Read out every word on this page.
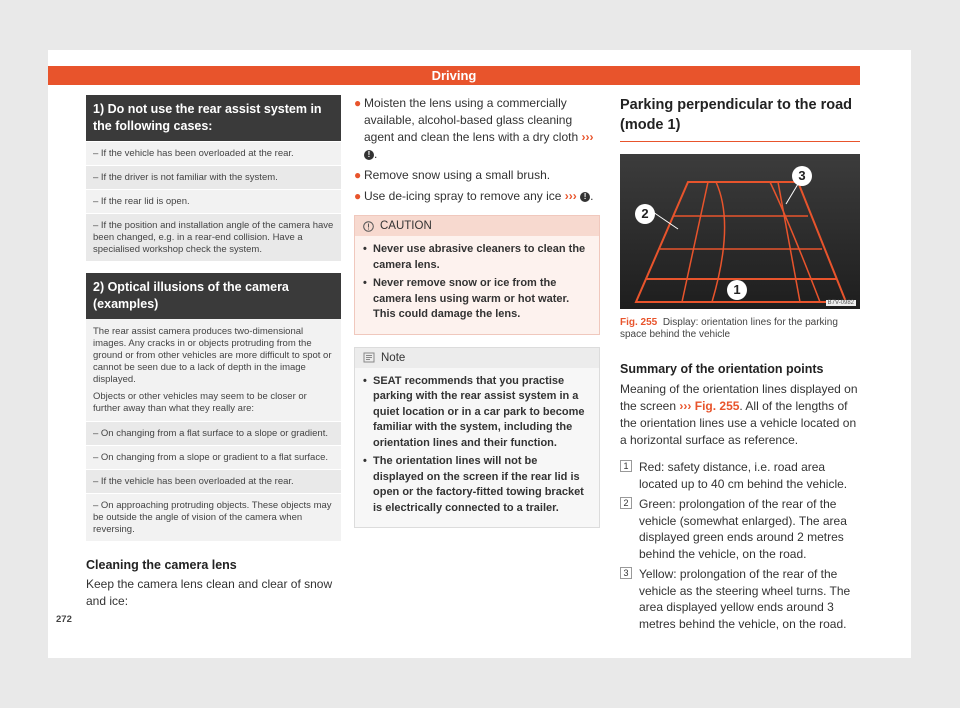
Driving
1) Do not use the rear assist system in the following cases:
– If the vehicle has been overloaded at the rear.
– If the driver is not familiar with the system.
– If the rear lid is open.
– If the position and installation angle of the camera have been changed, e.g. in a rear-end collision. Have a specialised workshop check the system.
2) Optical illusions of the camera (examples)
The rear assist camera produces two-dimensional images. Any cracks in or objects protruding from the ground or from other vehicles are more difficult to spot or cannot be seen due to a lack of depth in the image displayed.
Objects or other vehicles may seem to be closer or further away than what they really are:
– On changing from a flat surface to a slope or gradient.
– On changing from a slope or gradient to a flat surface.
– If the vehicle has been overloaded at the rear.
– On approaching protruding objects. These objects may be outside the angle of vision of the camera when reversing.
Cleaning the camera lens
Keep the camera lens clean and clear of snow and ice:
● Moisten the lens using a commercially available, alcohol-based glass cleaning agent and clean the lens with a dry cloth ››› ! .
● Remove snow using a small brush.
● Use de-icing spray to remove any ice ››› ! .
CAUTION
• Never use abrasive cleaners to clean the camera lens.
• Never remove snow or ice from the camera lens using warm or hot water. This could damage the lens.
Note
• SEAT recommends that you practise parking with the rear assist system in a quiet location or in a car park to become familiar with the system, including the orientation lines and their function.
• The orientation lines will not be displayed on the screen if the rear lid is open or the factory-fitted towing bracket is electrically connected to a trailer.
Parking perpendicular to the road (mode 1)
3
2
1
B7V-0982
Fig. 255 Display: orientation lines for the parking space behind the vehicle
Summary of the orientation points
Meaning of the orientation lines displayed on the screen ››› Fig. 255. All of the lengths of the orientation lines use a vehicle located on a horizontal surface as reference.
1 Red: safety distance, i.e. road area located up to 40 cm behind the vehicle.
2 Green: prolongation of the rear of the vehicle (somewhat enlarged). The area displayed green ends around 2 metres behind the vehicle, on the road.
3 Yellow: prolongation of the rear of the vehicle as the steering wheel turns. The area displayed yellow ends around 3 metres behind the vehicle, on the road.
272
